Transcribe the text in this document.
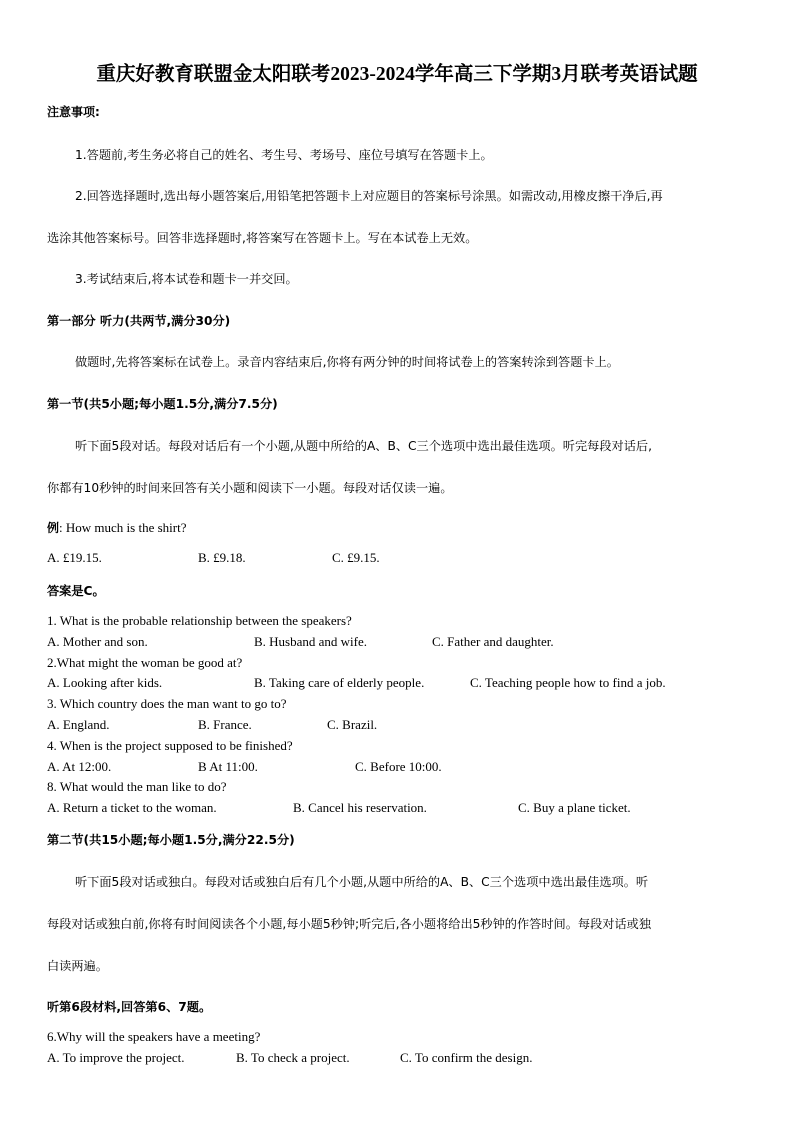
重庆好教育联盟金太阳联考2023-2024学年高三下学期3月联考英语试题
注意事项:
1.答题前,考生务必将自己的姓名、考生号、考场号、座位号填写在答题卡上。
2.回答选择题时,选出每小题答案后,用铅笔把答题卡上对应题目的答案标号涂黑。如需改动,用橡皮擦干净后,再
选涂其他答案标号。回答非选择题时,将答案写在答题卡上。写在本试卷上无效。
3.考试结束后,将本试卷和题卡一并交回。
第一部分 听力(共两节,满分30分)
做题时,先将答案标在试卷上。录音内容结束后,你将有两分钟的时间将试卷上的答案转涂到答题卡上。
第一节(共5小题;每小题1.5分,满分7.5分)
听下面5段对话。每段对话后有一个小题,从题中所给的A、B、C三个选项中选出最佳选项。听完每段对话后,
你都有10秒钟的时间来回答有关小题和阅读下一小题。每段对话仅读一遍。
例: How much is the shirt?
A. £19.15.	B. £9.18.	C. £9.15.
答案是C。
1. What is the probable relationship between the speakers?
A. Mother and son.	B. Husband and wife.	C. Father and daughter.
2.What might the woman be good at?
A. Looking after kids.	B. Taking care of elderly people.	C. Teaching people how to find a job.
3. Which country does the man want to go to?
A. England.	B. France.	C. Brazil.
4. When is the project supposed to be finished?
A. At 12:00.	B At 11:00.	C. Before 10:00.
8. What would the man like to do?
A. Return a ticket to the woman.	B. Cancel his reservation.	C. Buy a plane ticket.
第二节(共15小题;每小题1.5分,满分22.5分)
听下面5段对话或独白。每段对话或独白后有几个小题,从题中所给的A、B、C三个选项中选出最佳选项。听
每段对话或独白前,你将有时间阅读各个小题,每小题5秒钟;听完后,各小题将给出5秒钟的作答时间。每段对话或独
白读两遍。
听第6段材料,回答第6、7题。
6.Why will the speakers have a meeting?
A. To improve the project.	B. To check a project.	C. To confirm the design.
